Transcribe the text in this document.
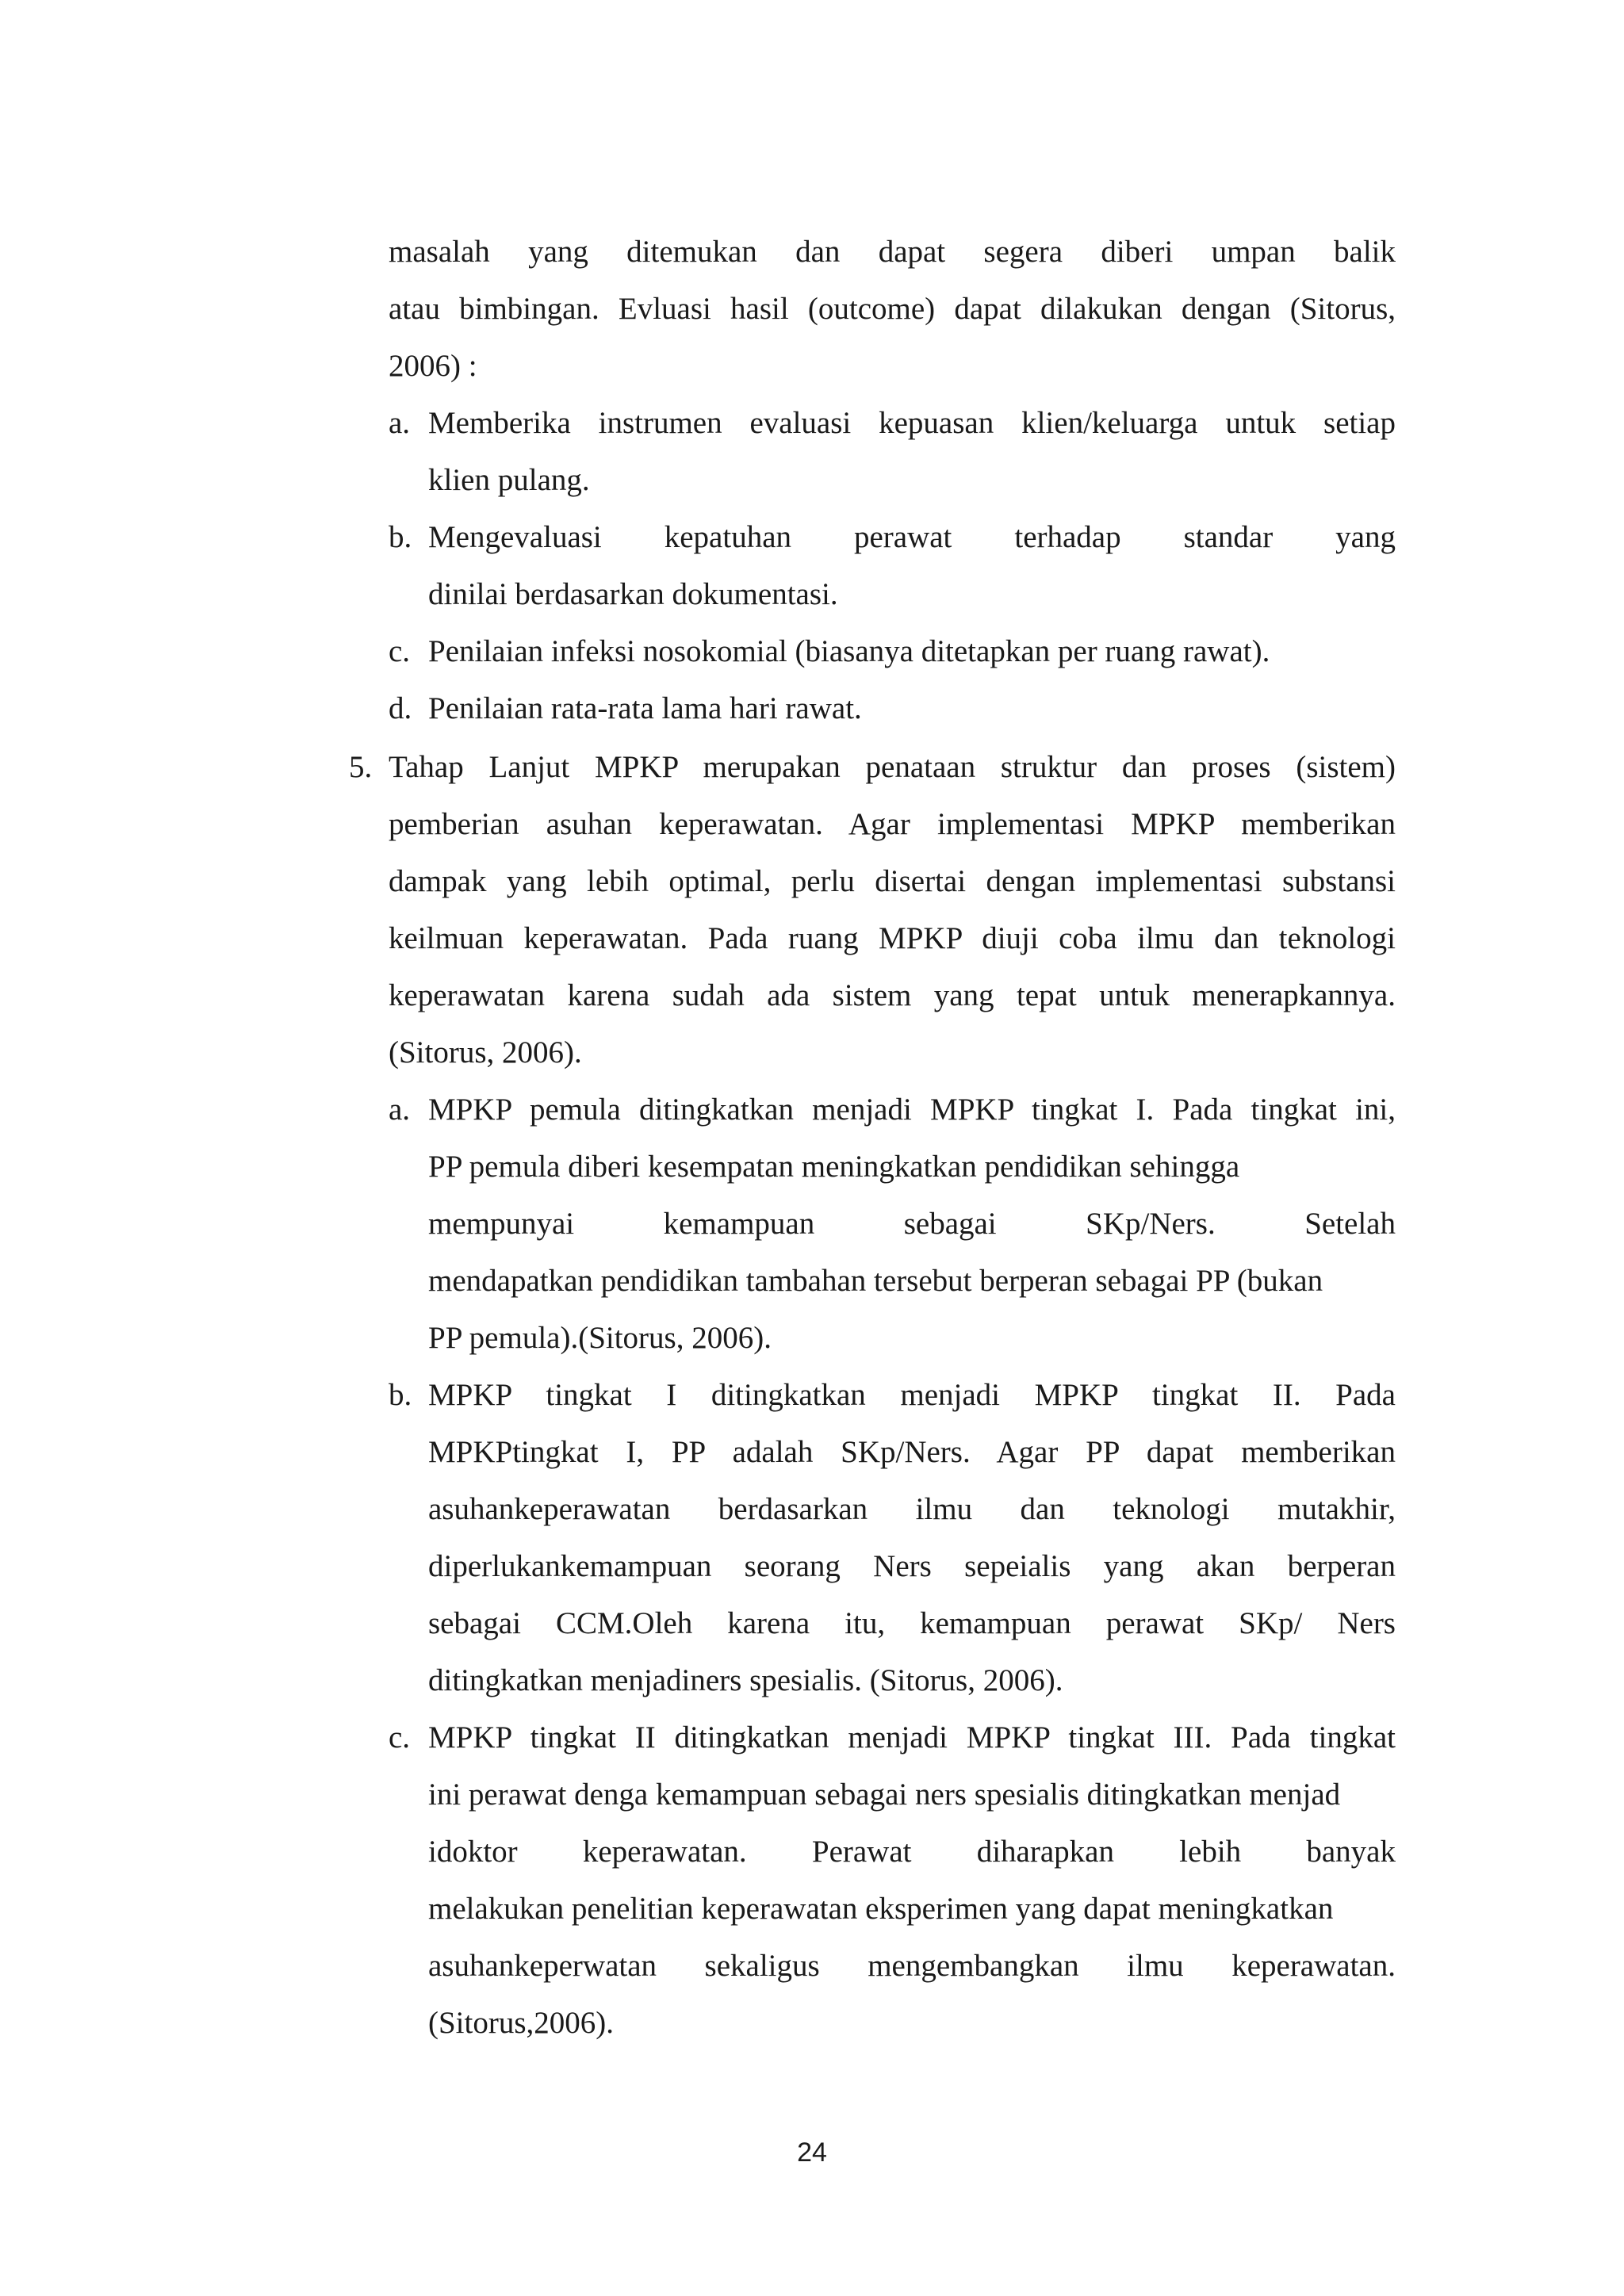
masalah yang ditemukan dan dapat segera diberi umpan balik
atau bimbingan. Evluasi hasil (outcome) dapat dilakukan dengan (Sitorus,
2006) :
a. Memberika instrumen evaluasi kepuasan klien/keluarga untuk setiap
klien pulang.
b. Mengevaluasi kepatuhan perawat terhadap standar yang
dinilai berdasarkan dokumentasi.
c. Penilaian infeksi nosokomial (biasanya ditetapkan per ruang rawat).
d. Penilaian rata-rata lama hari rawat.
5. Tahap Lanjut MPKP merupakan penataan struktur dan proses (sistem)
pemberian asuhan keperawatan. Agar implementasi MPKP memberikan
dampak yang lebih optimal, perlu disertai dengan implementasi substansi
keilmuan keperawatan. Pada ruang MPKP diuji coba ilmu dan teknologi
keperawatan karena sudah ada sistem yang tepat untuk menerapkannya.
(Sitorus, 2006).
a. MPKP pemula ditingkatkan menjadi MPKP tingkat I. Pada tingkat ini,
PP pemula diberi kesempatan meningkatkan pendidikan sehingga
mempunyai kemampuan sebagai SKp/Ners. Setelah
mendapatkan pendidikan tambahan tersebut berperan sebagai PP (bukan
PP pemula).(Sitorus, 2006).
b. MPKP tingkat I ditingkatkan menjadi MPKP tingkat II. Pada
MPKPtingkat I, PP adalah SKp/Ners. Agar PP dapat memberikan
asuhankeperawatan berdasarkan ilmu dan teknologi mutakhir,
diperlukankemampuan seorang Ners sepeialis yang akan berperan
sebagai CCM.Oleh karena itu, kemampuan perawat SKp/ Ners
ditingkatkan menjadiners spesialis. (Sitorus, 2006).
c. MPKP tingkat II ditingkatkan menjadi MPKP tingkat III. Pada tingkat
ini perawat denga kemampuan sebagai ners spesialis ditingkatkan menjad
idoktor keperawatan. Perawat diharapkan lebih banyak
melakukan penelitian keperawatan eksperimen yang dapat meningkatkan
asuhankeperwatan sekaligus mengembangkan ilmu keperawatan.
(Sitorus,2006).
24
